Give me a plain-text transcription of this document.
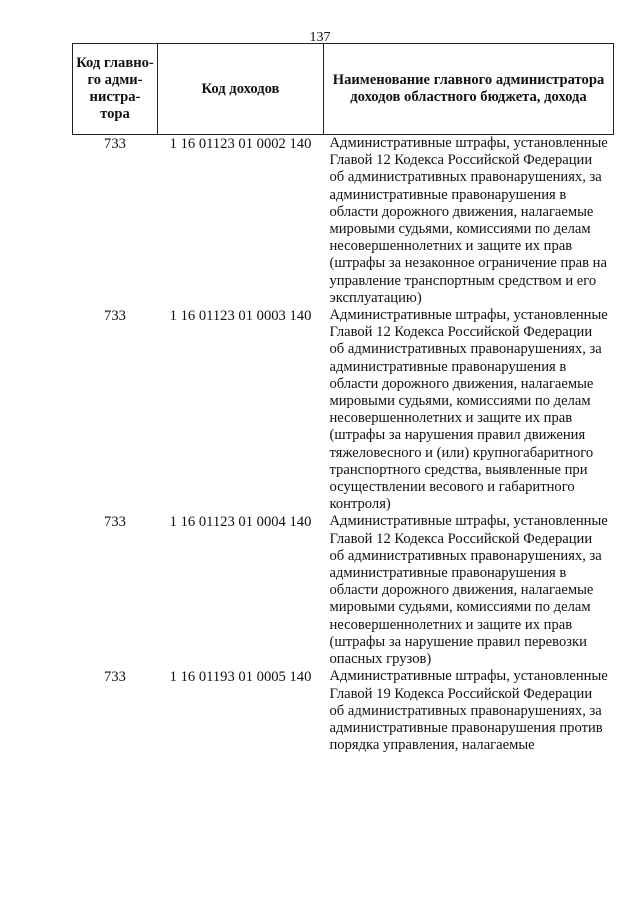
137
Код главно-го адми-нистра-тора	Код доходов	Наименование главного администратора доходов областного бюджета, дохода
733	1 16 01123 01 0002 140	Административные штрафы, установленные Главой 12 Кодекса Российской Федерации об административных правонарушениях, за административные правонарушения в области дорожного движения, налагаемые мировыми судьями, комиссиями по делам несовершеннолетних и защите их прав (штрафы за незаконное ограничение прав на управление транспортным средством и его эксплуатацию)
733	1 16 01123 01 0003 140	Административные штрафы, установленные Главой 12 Кодекса Российской Федерации об административных правонарушениях, за административные правонарушения в области дорожного движения, налагаемые мировыми судьями, комиссиями по делам несовершеннолетних и защите их прав (штрафы за нарушения правил движения тяжеловесного и (или) крупногабаритного транспортного средства, выявленные при осуществлении весового и габаритного контроля)
733	1 16 01123 01 0004 140	Административные штрафы, установленные Главой 12 Кодекса Российской Федерации об административных правонарушениях, за административные правонарушения в области дорожного движения, налагаемые мировыми судьями, комиссиями по делам несовершеннолетних и защите их прав (штрафы за нарушение правил перевозки опасных грузов)
733	1 16 01193 01 0005 140	Административные штрафы, установленные Главой 19 Кодекса Российской Федерации об административных правонарушениях, за административные правонарушения против порядка управления, налагаемые
